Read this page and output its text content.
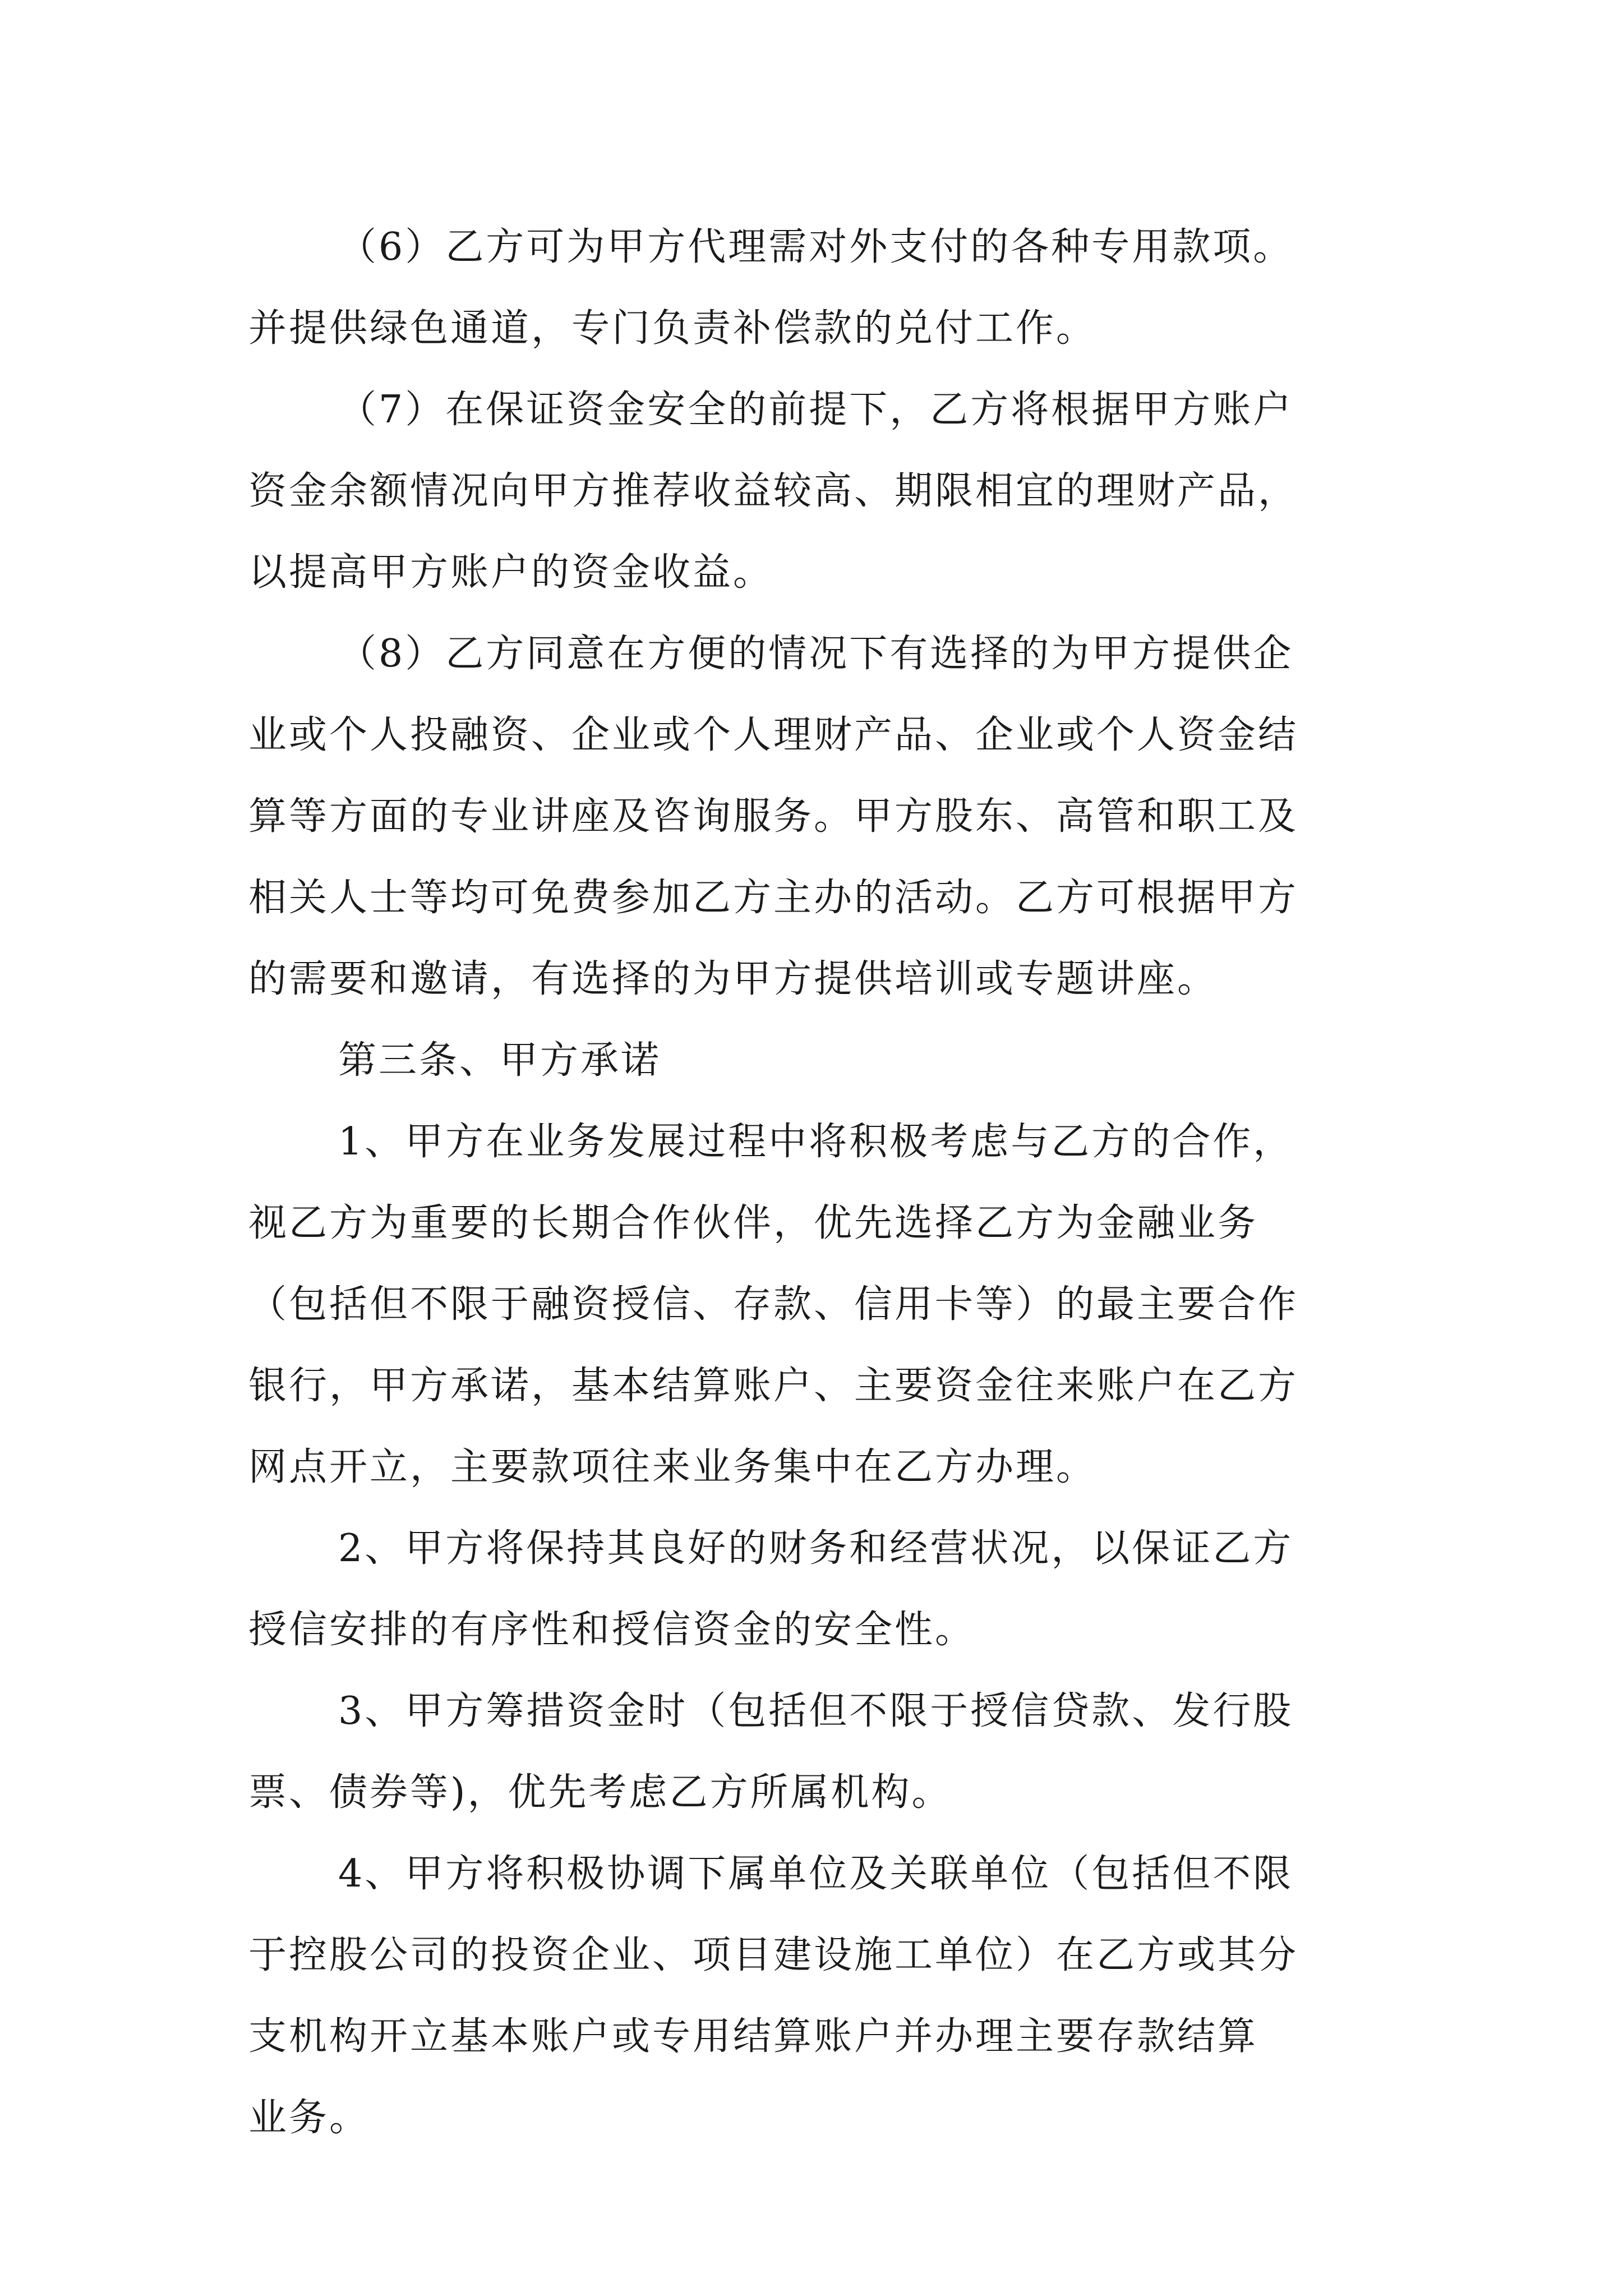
（6）乙方可为甲方代理需对外支付的各种专用款项。
并提供绿色通道，专门负责补偿款的兑付工作。

（7）在保证资金安全的前提下，乙方将根据甲方账户
资金余额情况向甲方推荐收益较高、期限相宜的理财产品，
以提高甲方账户的资金收益。

（8）乙方同意在方便的情况下有选择的为甲方提供企
业或个人投融资、企业或个人理财产品、企业或个人资金结
算等方面的专业讲座及咨询服务。甲方股东、高管和职工及
相关人士等均可免费参加乙方主办的活动。乙方可根据甲方
的需要和邀请，有选择的为甲方提供培训或专题讲座。

第三条、甲方承诺

1、甲方在业务发展过程中将积极考虑与乙方的合作，
视乙方为重要的长期合作伙伴，优先选择乙方为金融业务
（包括但不限于融资授信、存款、信用卡等）的最主要合作
银行，甲方承诺，基本结算账户、主要资金往来账户在乙方
网点开立，主要款项往来业务集中在乙方办理。

2、甲方将保持其良好的财务和经营状况，以保证乙方
授信安排的有序性和授信资金的安全性。

3、甲方筹措资金时（包括但不限于授信贷款、发行股
票、债券等)，优先考虑乙方所属机构。

4、甲方将积极协调下属单位及关联单位（包括但不限
于控股公司的投资企业、项目建设施工单位）在乙方或其分
支机构开立基本账户或专用结算账户并办理主要存款结算
业务。
